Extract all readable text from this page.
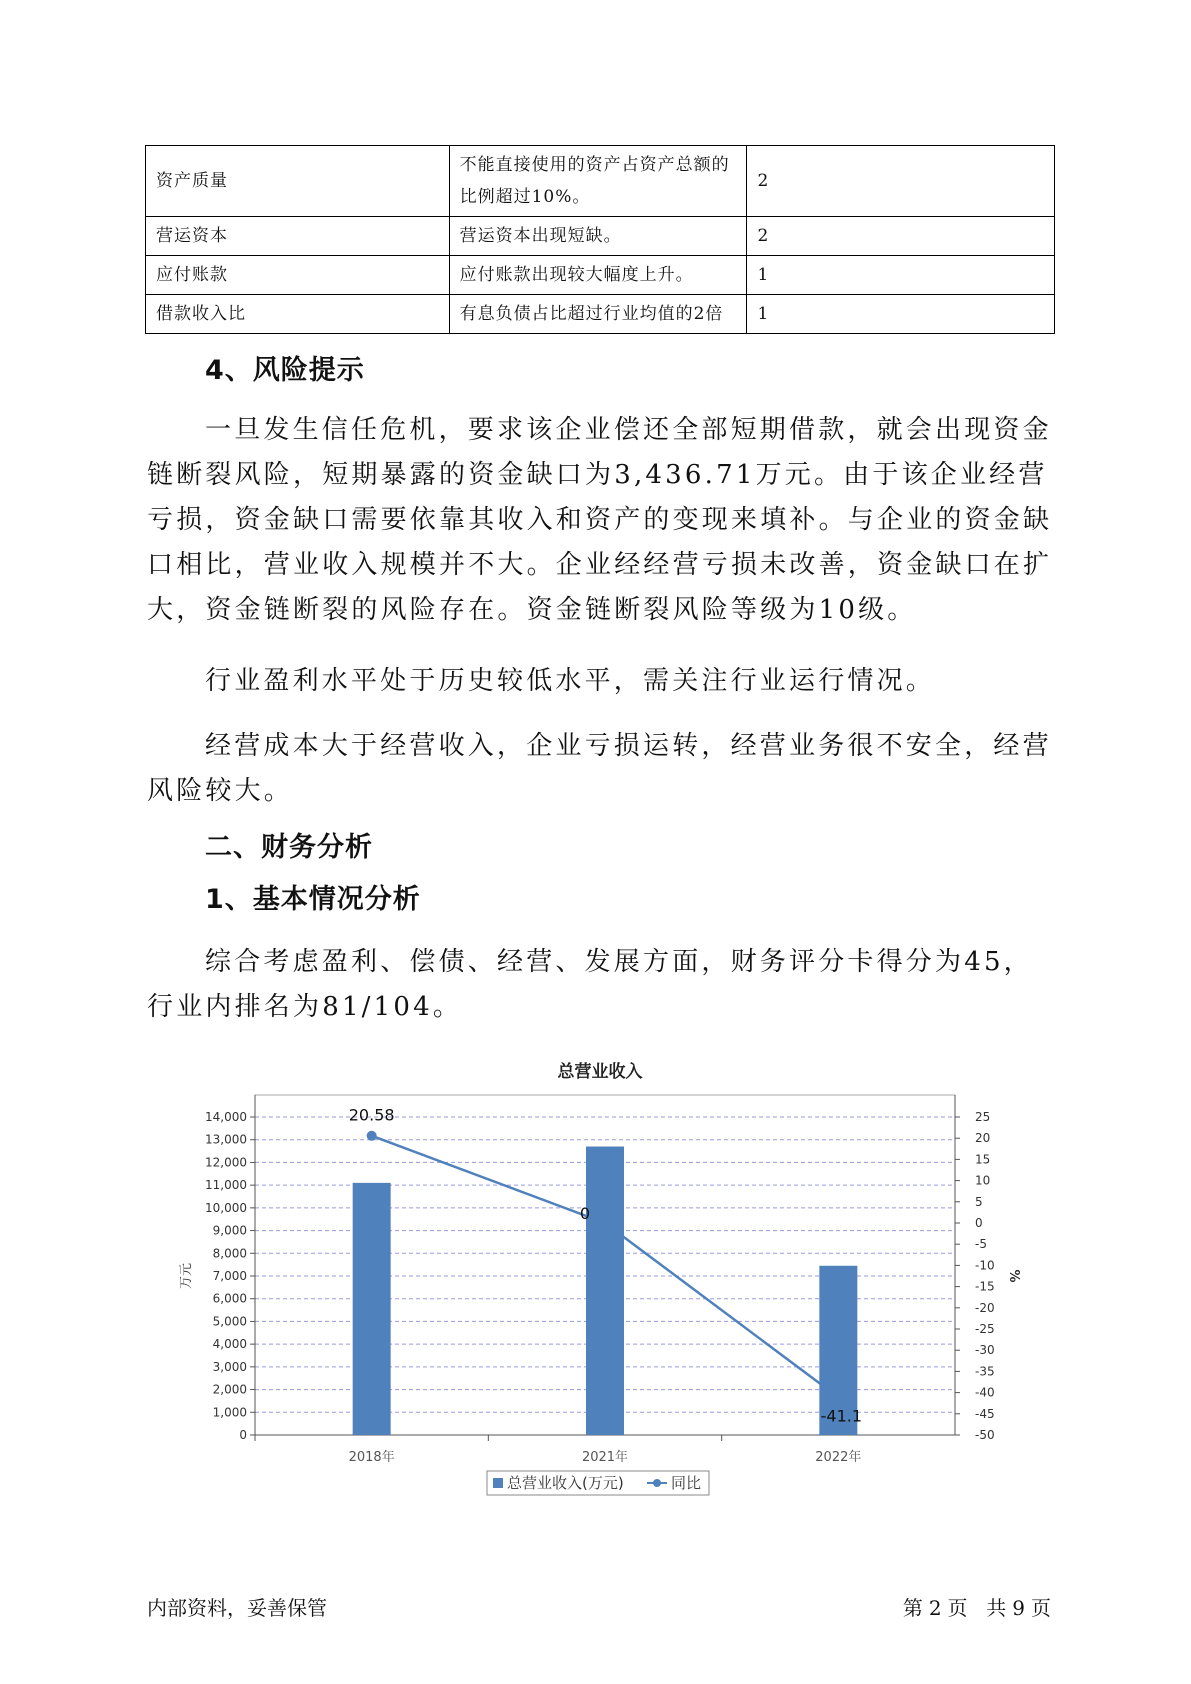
资产质量	不能直接使用的资产占资产总额的比例超过10%。	2
营运资本	营运资本出现短缺。	2
应付账款	应付账款出现较大幅度上升。	1
借款收入比	有息负债占比超过行业均值的2倍	1
4、风险提示

一旦发生信任危机，要求该企业偿还全部短期借款，就会出现资金链断裂风险，短期暴露的资金缺口为3,436.71万元。由于该企业经营亏损，资金缺口需要依靠其收入和资产的变现来填补。与企业的资金缺口相比，营业收入规模并不大。企业经经营亏损未改善，资金缺口在扩大，资金链断裂的风险存在。资金链断裂风险等级为10级。

行业盈利水平处于历史较低水平，需关注行业运行情况。

经营成本大于经营收入，企业亏损运转，经营业务很不安全，经营风险较大。

二、财务分析
1、基本情况分析

综合考虑盈利、偿债、经营、发展方面，财务评分卡得分为45，行业内排名为81/104。

总营业收入
0
1,000
2,000
3,000
4,000
5,000
6,000
7,000
8,000
9,000
10,000
11,000
12,000
13,000
14,000
-50
-45
-40
-35
-30
-25
-20
-15
-10
-5
0
5
10
15
20
25
万元	%
2018年	2021年	2022年
20.58
0
-41.1
总营业收入(万元)	同比
内部资料，妥善保管	第 2 页 共 9 页
